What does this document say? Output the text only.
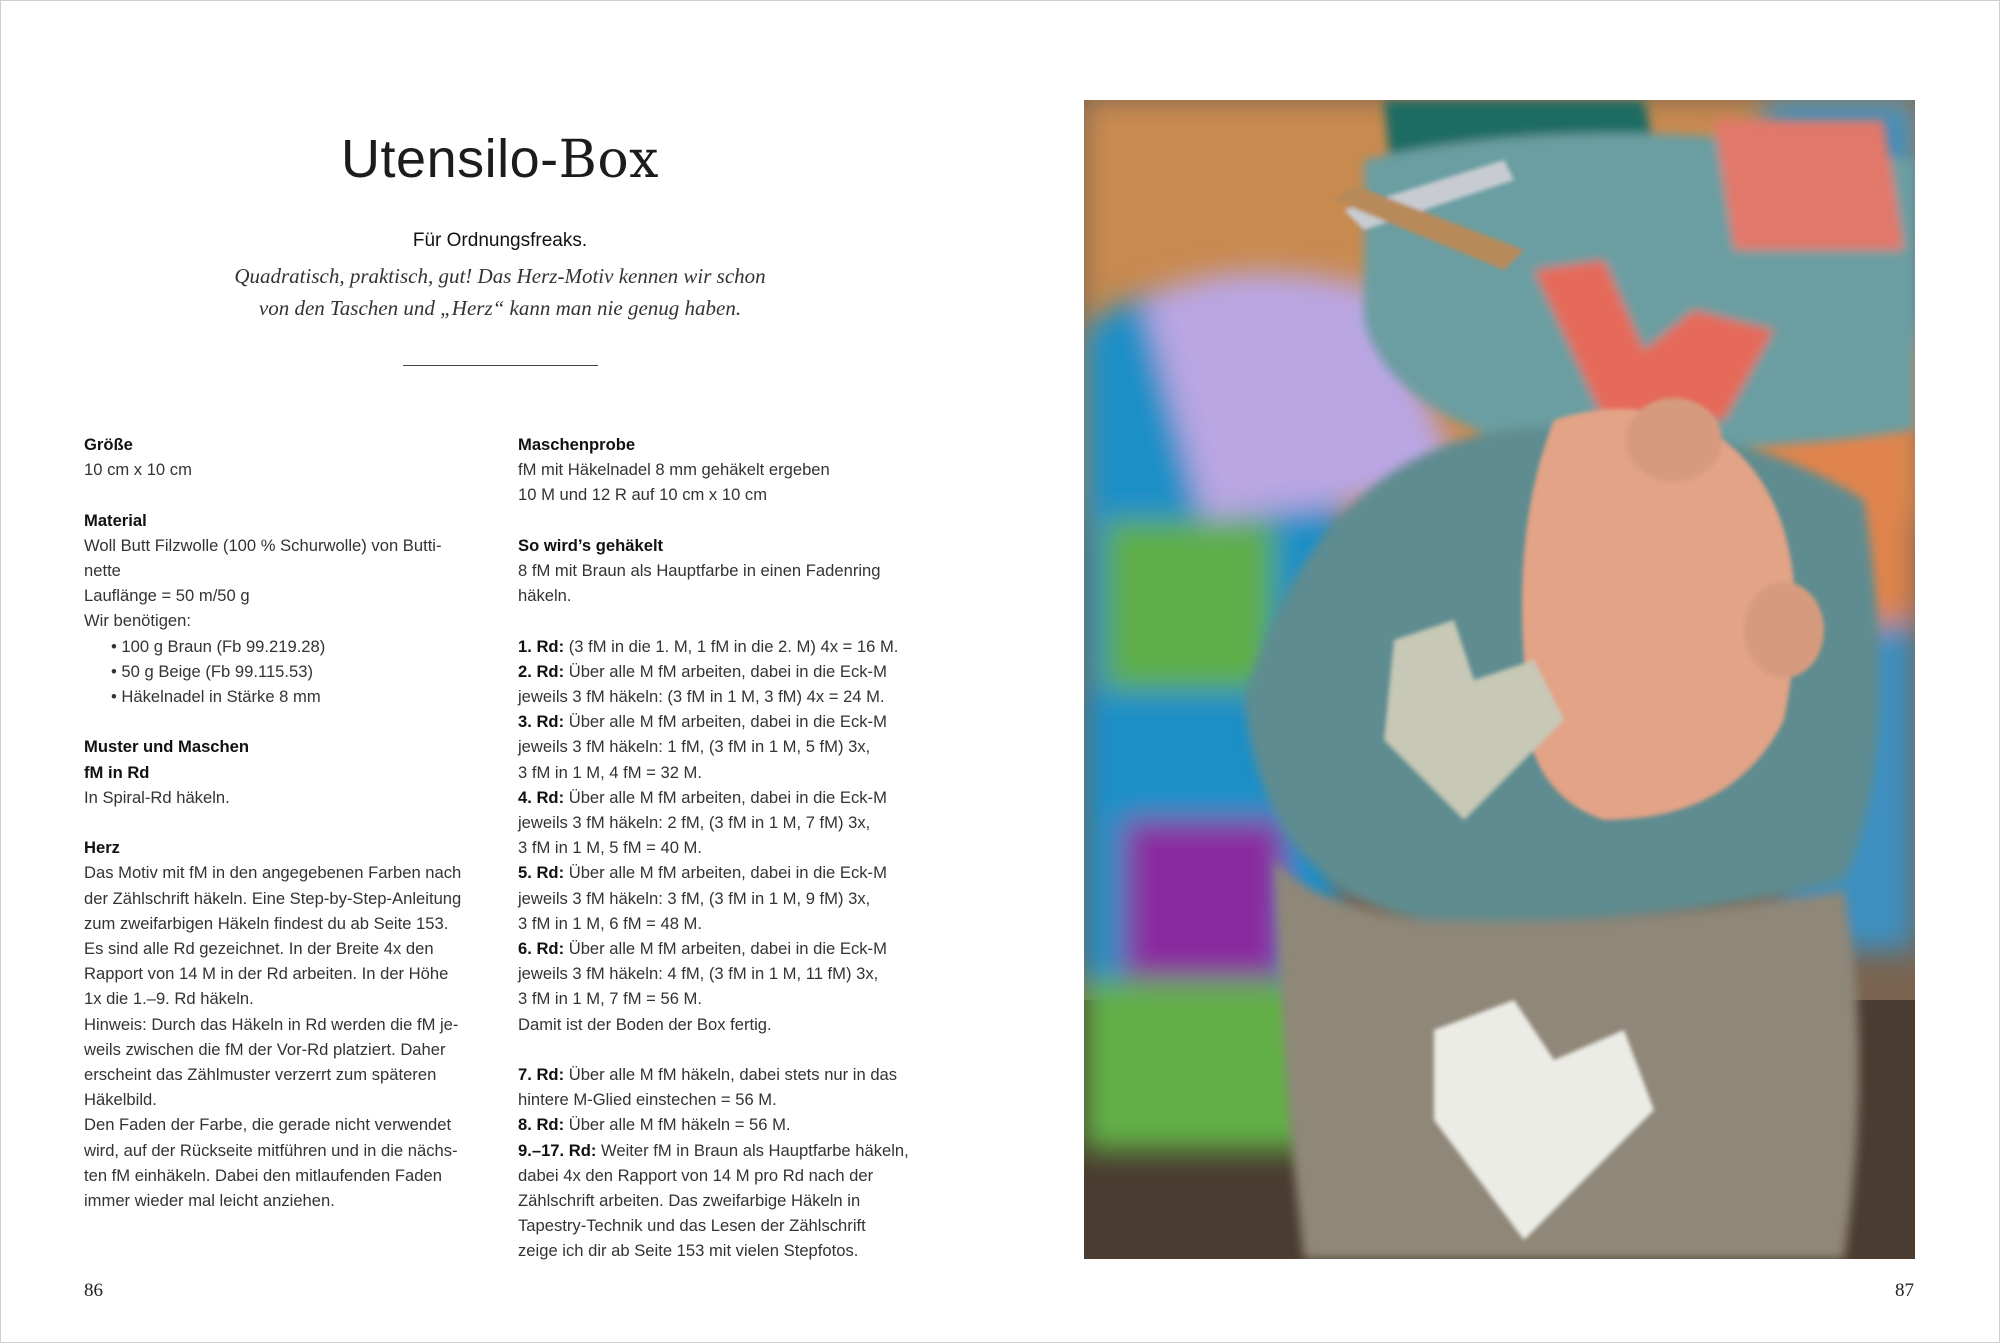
Utensilo-Box
Für Ordnungsfreaks.
Quadratisch, praktisch, gut! Das Herz-Motiv kennen wir schon
von den Taschen und „Herz“ kann man nie genug haben.
Größe

10 cm x 10 cm

Material

Woll Butt Filzwolle (100 % Schurwolle) von Butti-

nette

Lauflänge = 50 m/50 g

Wir benötigen:

• 100 g Braun (Fb 99.219.28)

• 50 g Beige (Fb 99.115.53)

• Häkelnadel in Stärke 8 mm

Muster und Maschen
fM in Rd

In Spiral-Rd häkeln.

Herz

Das Motiv mit fM in den angegebenen Farben nach

der Zählschrift häkeln. Eine Step-by-Step-Anleitung

zum zweifarbigen Häkeln findest du ab Seite 153.

Es sind alle Rd gezeichnet. In der Breite 4x den

Rapport von 14 M in der Rd arbeiten. In der Höhe

1x die 1.–9. Rd häkeln.

Hinweis: Durch das Häkeln in Rd werden die fM je-

weils zwischen die fM der Vor-Rd platziert. Daher

erscheint das Zählmuster verzerrt zum späteren

Häkelbild.

Den Faden der Farbe, die gerade nicht verwendet

wird, auf der Rückseite mitführen und in die nächs-

ten fM einhäkeln. Dabei den mitlaufenden Faden

immer wieder mal leicht anziehen.

Maschenprobe

fM mit Häkelnadel 8 mm gehäkelt ergeben

10 M und 12 R auf 10 cm x 10 cm

So wird’s gehäkelt

8 fM mit Braun als Hauptfarbe in einen Fadenring

häkeln.

1. Rd: (3 fM in die 1. M, 1 fM in die 2. M) 4x = 16 M.

2. Rd: Über alle M fM arbeiten, dabei in die Eck-M

jeweils 3 fM häkeln: (3 fM in 1 M, 3 fM) 4x = 24 M.

3. Rd: Über alle M fM arbeiten, dabei in die Eck-M

jeweils 3 fM häkeln: 1 fM, (3 fM in 1 M, 5 fM) 3x,

3 fM in 1 M, 4 fM = 32 M.

4. Rd: Über alle M fM arbeiten, dabei in die Eck-M

jeweils 3 fM häkeln: 2 fM, (3 fM in 1 M, 7 fM) 3x,

3 fM in 1 M, 5 fM = 40 M.

5. Rd: Über alle M fM arbeiten, dabei in die Eck-M

jeweils 3 fM häkeln: 3 fM, (3 fM in 1 M, 9 fM) 3x,

3 fM in 1 M, 6 fM = 48 M.

6. Rd: Über alle M fM arbeiten, dabei in die Eck-M

jeweils 3 fM häkeln: 4 fM, (3 fM in 1 M, 11 fM) 3x,

3 fM in 1 M, 7 fM = 56 M.

Damit ist der Boden der Box fertig.

7. Rd: Über alle M fM häkeln, dabei stets nur in das

hintere M-Glied einstechen = 56 M.

8. Rd: Über alle M fM häkeln = 56 M.

9.–17. Rd: Weiter fM in Braun als Hauptfarbe häkeln,

dabei 4x den Rapport von 14 M pro Rd nach der

Zählschrift arbeiten. Das zweifarbige Häkeln in

Tapestry-Technik und das Lesen der Zählschrift

zeige ich dir ab Seite 153 mit vielen Stepfotos.

86	87
